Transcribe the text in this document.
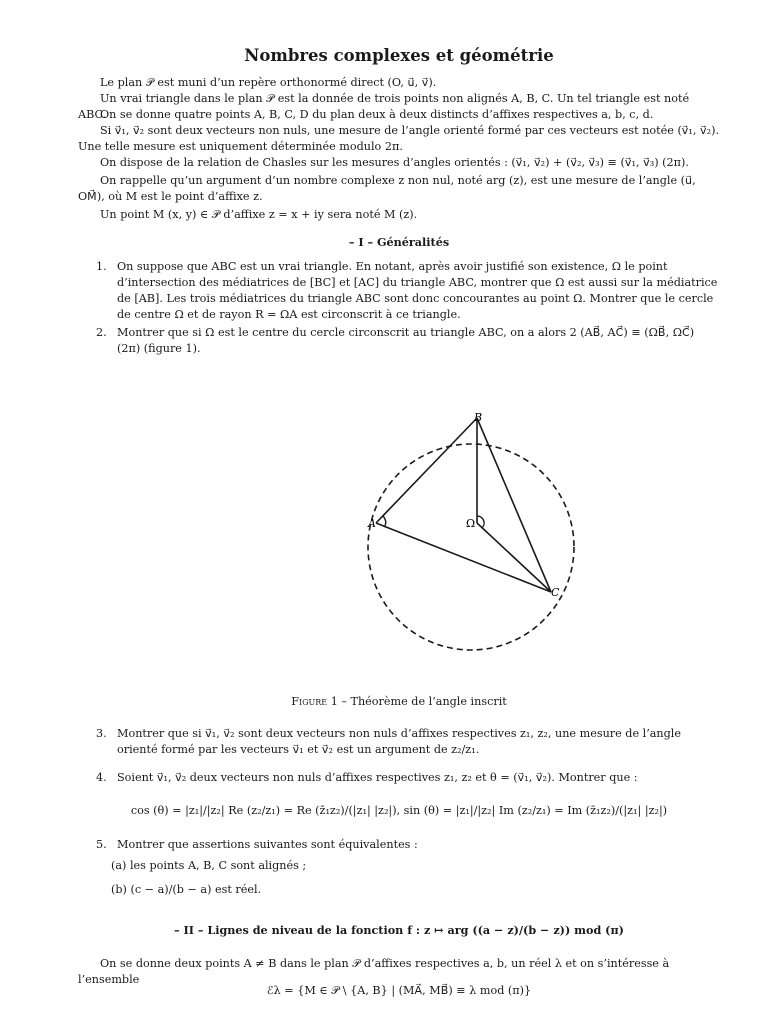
Nombres complexes et géométrie
Le plan 𝒫 est muni d’un repère orthonormé direct (O, u⃗, v⃗).
Un vrai triangle dans le plan 𝒫 est la donnée de trois points non alignés A, B, C. Un tel triangle est noté ABC.
On se donne quatre points A, B, C, D du plan deux à deux distincts d’affixes respectives a, b, c, d.
Si v⃗₁, v⃗₂ sont deux vecteurs non nuls, une mesure de l’angle orienté formé par ces vecteurs est notée (v⃗₁, v⃗₂). Une telle mesure est uniquement déterminée modulo 2π.
On dispose de la relation de Chasles sur les mesures d’angles orientés : (v⃗₁, v⃗₂) + (v⃗₂, v⃗₃) ≡ (v⃗₁, v⃗₃) (2π).
On rappelle qu’un argument d’un nombre complexe z non nul, noté arg (z), est une mesure de l’angle (u⃗, OM⃗), où M est le point d’affixe z.
Un point M (x, y) ∈ 𝒫 d’affixe z = x + iy sera noté M (z).
– I – Généralités
1. On suppose que ABC est un vrai triangle. En notant, après avoir justifié son existence, Ω le point d’intersection des médiatrices de [BC] et [AC] du triangle ABC, montrer que Ω est aussi sur la médiatrice de [AB]. Les trois médiatrices du triangle ABC sont donc concourantes au point Ω. Montrer que le cercle de centre Ω et de rayon R = ΩA est circonscrit à ce triangle.
2. Montrer que si Ω est le centre du cercle circonscrit au triangle ABC, on a alors 2 (AB⃗, AC⃗) ≡ (ΩB⃗, ΩC⃗) (2π) (figure 1).
B
A
C
Ω
Figure 1 – Théorème de l’angle inscrit
3. Montrer que si v⃗₁, v⃗₂ sont deux vecteurs non nuls d’affixes respectives z₁, z₂, une mesure de l’angle orienté formé par les vecteurs v⃗₁ et v⃗₂ est un argument de z₂/z₁.
4. Soient v⃗₁, v⃗₂ deux vecteurs non nuls d’affixes respectives z₁, z₂ et θ = (v⃗₁, v⃗₂). Montrer que :
cos (θ) = |z₁|/|z₂| Re (z₂/z₁) = Re (z̄₁z₂)/(|z₁| |z₂|), sin (θ) = |z₁|/|z₂| Im (z₂/z₁) = Im (z̄₁z₂)/(|z₁| |z₂|)
5. Montrer que assertions suivantes sont équivalentes :
(a) les points A, B, C sont alignés ;
(b) (c − a)/(b − a) est réel.
– II – Lignes de niveau de la fonction f : z ↦ arg ((a − z)/(b − z)) mod (π)
On se donne deux points A ≠ B dans le plan 𝒫 d’affixes respectives a, b, un réel λ et on s’intéresse à l’ensemble
ℰλ = {M ∈ 𝒫 \ {A, B} | (MA⃗, MB⃗) ≡ λ mod (π)}
